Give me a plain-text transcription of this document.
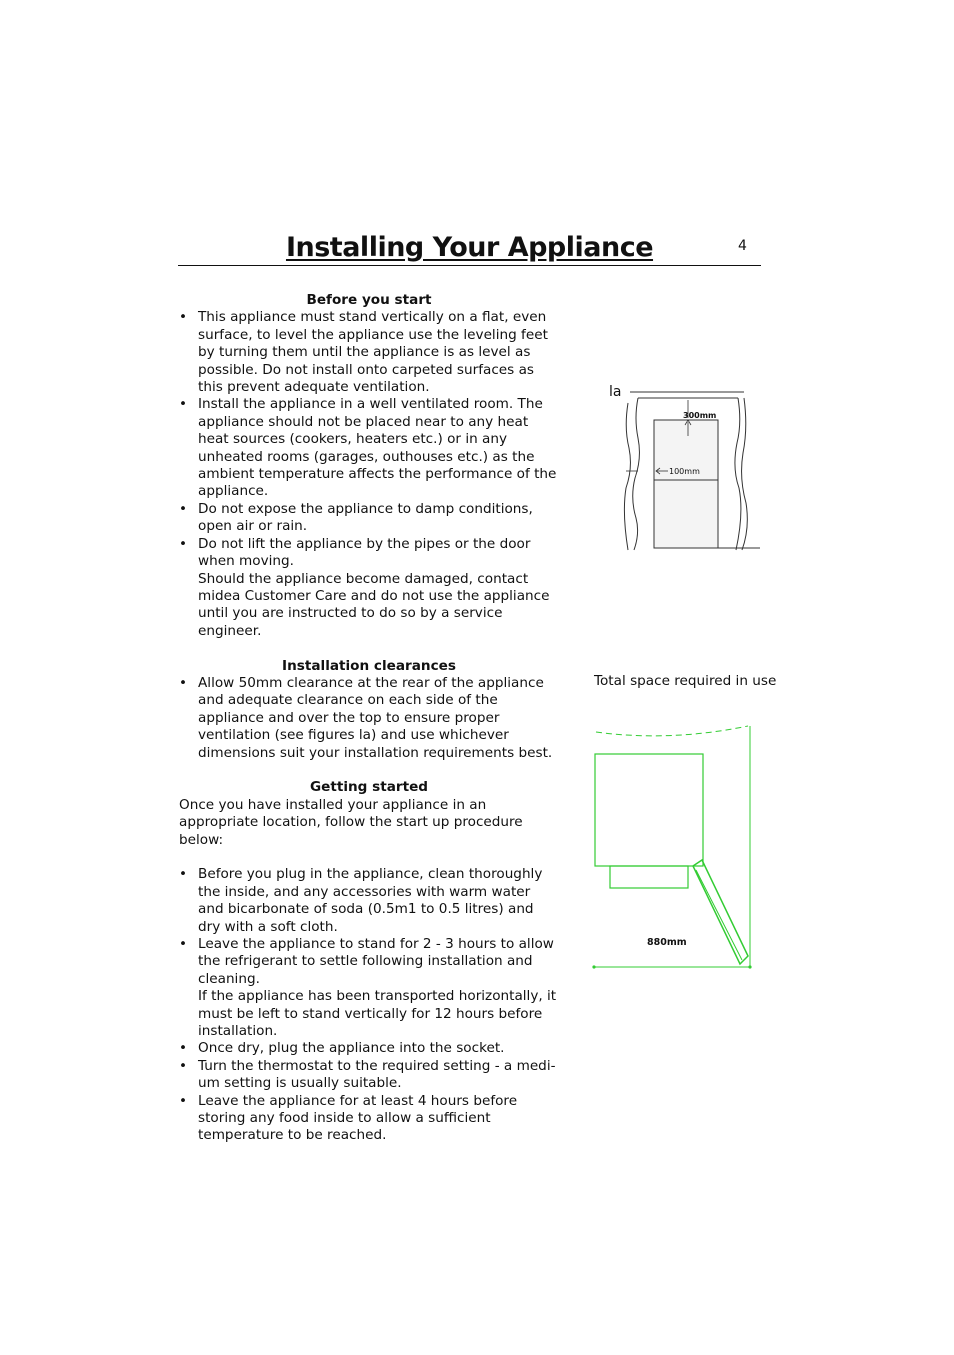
Installing Your Appliance	4
Before you start
• This appliance must stand vertically on a flat, even surface, to level the appliance use the leveling feet by turning them until the appliance is as level as possible. Do not install onto carpeted surfaces as this prevent adequate ventilation.
• Install the appliance in a well ventilated room. The appliance should not be placed near to any heat heat sources (cookers, heaters etc.) or in any unheated rooms (garages, outhouses etc.) as the ambient temperature affects the performance of the appliance.
• Do not expose the appliance to damp conditions, open air or rain.
• Do not lift the appliance by the pipes or the door when moving.
Should the appliance become damaged, contact midea Customer Care and do not use the appliance until you are instructed to do so by a service engineer.
Installation clearances
• Allow 50mm clearance at the rear of the appliance and adequate clearance on each side of the appliance and over the top to ensure proper ventilation (see figures la) and use whichever dimensions suit your installation requirements best.
Getting started

Once you have installed your appliance in an appropriate location, follow the start up procedure below:

• Before you plug in the appliance, clean thoroughly the inside, and any accessories with warm water and bicarbonate of soda (0.5m1 to 0.5 litres) and dry with a soft cloth.
• Leave the appliance to stand for 2 - 3 hours to allow the refrigerant to settle following installation and cleaning.
If the appliance has been transported horizontally, it must be left to stand vertically for 12 hours before installation.
• Once dry, plug the appliance into the socket.
• Turn the thermostat to the required setting - a medi-um setting is usually suitable.
• Leave the appliance for at least 4 hours before storing any food inside to allow a sufficient temperature to be reached.
la
300mm
100mm
Total space required in use
880mm
